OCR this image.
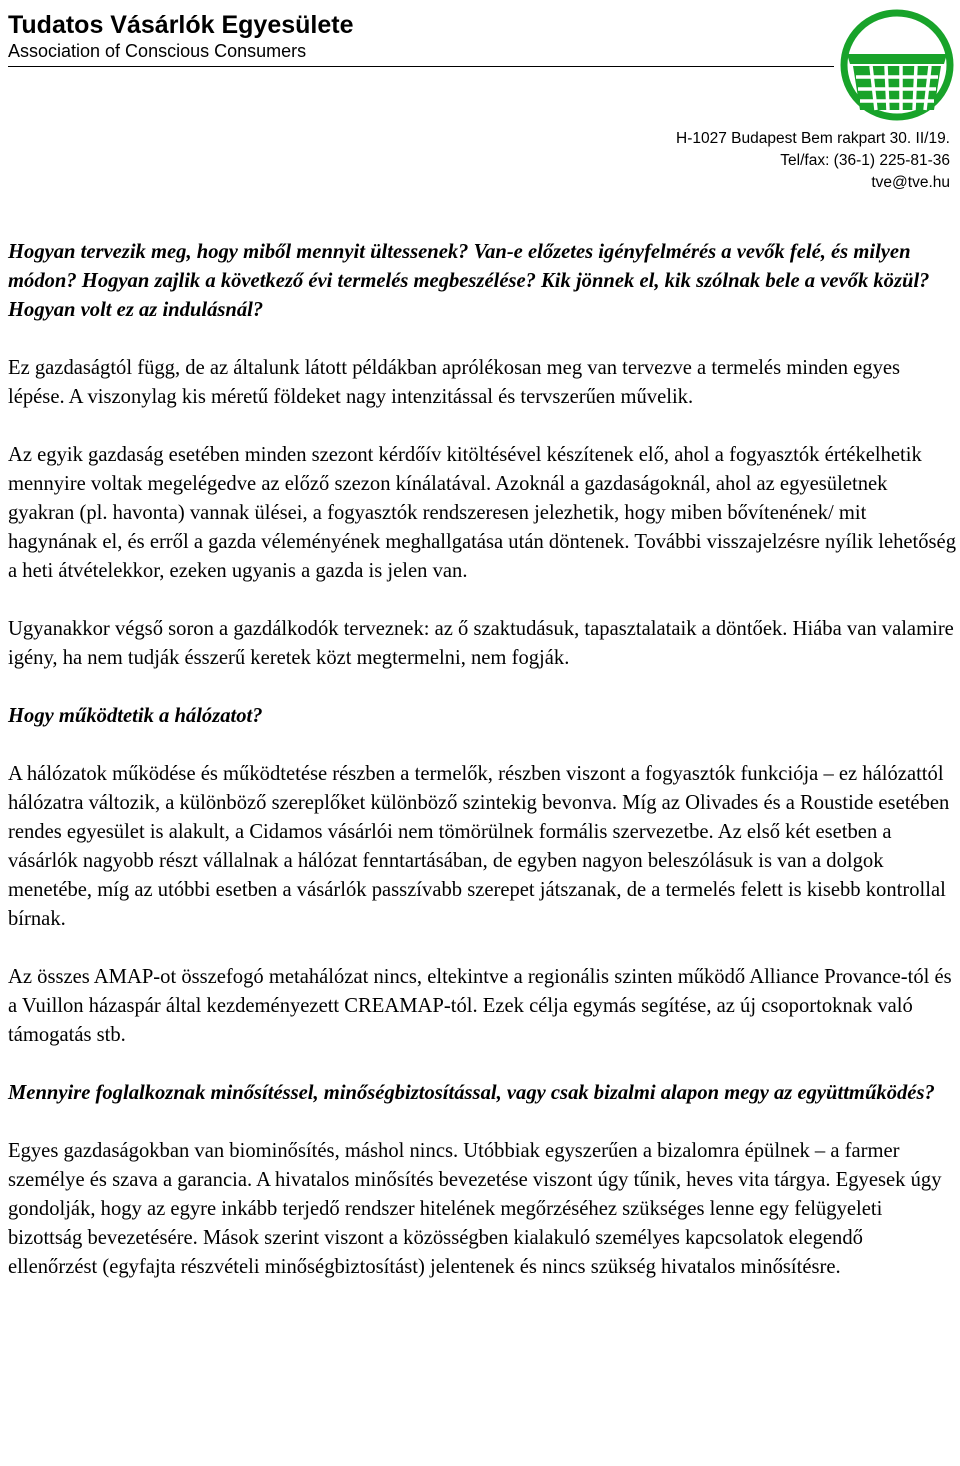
Tudatos Vásárlók Egyesülete
Association of Conscious Consumers
H-1027 Budapest Bem rakpart 30. II/19.
Tel/fax: (36-1) 225-81-36
tve@tve.hu

Hogyan tervezik meg, hogy miből mennyit ültessenek? Van-e előzetes igényfelmérés a vevők felé, és milyen módon? Hogyan zajlik a következő évi termelés megbeszélése? Kik jönnek el, kik szólnak bele a vevők közül? Hogyan volt ez az indulásnál?

Ez gazdaságtól függ, de az általunk látott példákban aprólékosan meg van tervezve a termelés minden egyes lépése. A viszonylag kis méretű földeket nagy intenzitással és tervszerűen művelik.

Az egyik gazdaság esetében minden szezont kérdőív kitöltésével készítenek elő, ahol a fogyasztók értékelhetik mennyire voltak megelégedve az előző szezon kínálatával. Azoknál a gazdaságoknál, ahol az egyesületnek gyakran (pl. havonta) vannak ülései, a fogyasztók rendszeresen jelezhetik, hogy miben bővítenének/ mit hagynának el, és erről a gazda véleményének meghallgatása után döntenek. További visszajelzésre nyílik lehetőség a heti átvételekkor, ezeken ugyanis a gazda is jelen van.

Ugyanakkor végső soron a gazdálkodók terveznek: az ő szaktudásuk, tapasztalataik a döntőek. Hiába van valamire igény, ha nem tudják ésszerű keretek közt megtermelni, nem fogják.

Hogy működtetik a hálózatot?

A hálózatok működése és működtetése részben a termelők, részben viszont a fogyasztók funkciója – ez hálózattól hálózatra változik, a különböző szereplőket különböző szintekig bevonva. Míg az Olivades és a Roustide esetében rendes egyesület is alakult, a Cidamos vásárlói nem tömörülnek formális szervezetbe. Az első két esetben a vásárlók nagyobb részt vállalnak a hálózat fenntartásában, de egyben nagyon beleszólásuk is van a dolgok menetébe, míg az utóbbi esetben a vásárlók passzívabb szerepet játszanak, de a termelés felett is kisebb kontrollal bírnak.

Az összes AMAP-ot összefogó metahálózat nincs, eltekintve a regionális szinten működő Alliance Provance-tól és a Vuillon házaspár által kezdeményezett CREAMAP-tól. Ezek célja egymás segítése, az új csoportoknak való támogatás stb.

Mennyire foglalkoznak minősítéssel, minőségbiztosítással, vagy csak bizalmi alapon megy az együttműködés?

Egyes gazdaságokban van biominősítés, máshol nincs. Utóbbiak egyszerűen a bizalomra épülnek – a farmer személye és szava a garancia. A hivatalos minősítés bevezetése viszont úgy tűnik, heves vita tárgya. Egyesek úgy gondolják, hogy az egyre inkább terjedő rendszer hitelének megőrzéséhez szükséges lenne egy felügyeleti bizottság bevezetésére. Mások szerint viszont a közösségben kialakuló személyes kapcsolatok elegendő ellenőrzést (egyfajta részvételi minőségbiztosítást) jelentenek és nincs szükség hivatalos minősítésre.
